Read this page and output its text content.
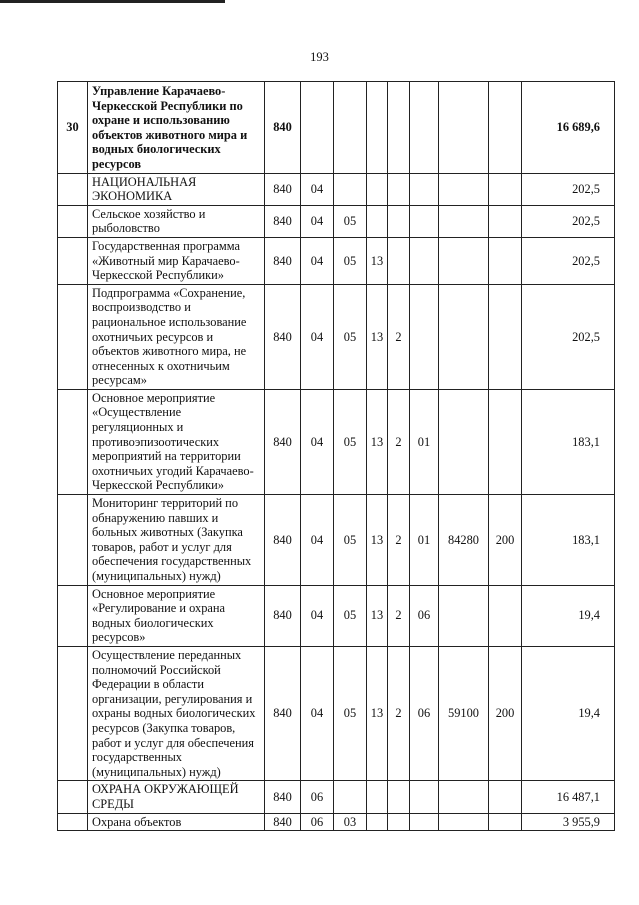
193
30	Управление Карачаево-Черкесской Республики по охране и использованию объектов животного мира и водных биологических ресурсов	840								16 689,6
	НАЦИОНАЛЬНАЯ ЭКОНОМИКА	840	04							202,5
	Сельское хозяйство и рыболовство	840	04	05						202,5
	Государственная программа «Животный мир Карачаево-Черкесской Республики»	840	04	05	13					202,5
	Подпрограмма «Сохранение, воспроизводство и рациональное использование охотничьих ресурсов и объектов животного мира, не отнесенных к охотничьим ресурсам»	840	04	05	13	2				202,5
	Основное мероприятие «Осуществление регуляционных и противоэпизоотических мероприятий на территории охотничьих угодий Карачаево-Черкесской Республики»	840	04	05	13	2	01			183,1
	Мониторинг территорий по обнаружению павших и больных животных (Закупка товаров, работ и услуг для обеспечения государственных (муниципальных) нужд)	840	04	05	13	2	01	84280	200	183,1
	Основное мероприятие «Регулирование и охрана водных биологических ресурсов»	840	04	05	13	2	06			19,4
	Осуществление переданных полномочий Российской Федерации в области организации, регулирования и охраны водных биологических ресурсов (Закупка товаров, работ и услуг для обеспечения государственных (муниципальных) нужд)	840	04	05	13	2	06	59100	200	19,4
	ОХРАНА ОКРУЖАЮЩЕЙ СРЕДЫ	840	06							16 487,1
	Охрана объектов	840	06	03						3 955,9
